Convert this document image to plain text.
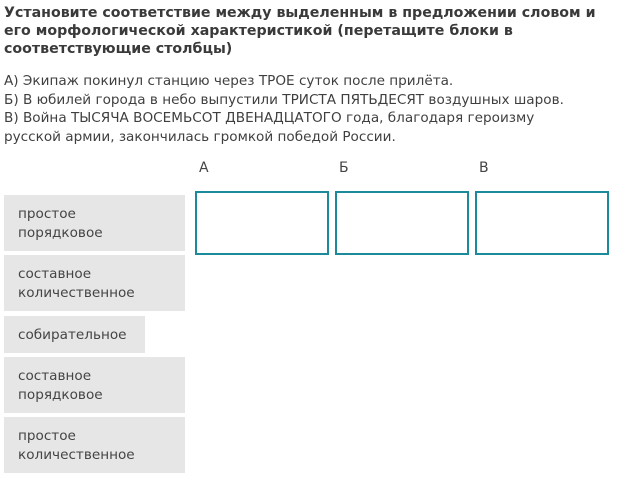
Установите соответствие между выделенным в предложении словом и его морфологической характеристикой (перетащите блоки в соответствующие столбцы)
А) Экипаж покинул станцию через ТРОЕ суток после прилёта.
Б) В юбилей города в небо выпустили ТРИСТА ПЯТЬДЕСЯТ воздушных шаров.
В) Война ТЫСЯЧА ВОСЕМЬСОТ ДВЕНАДЦАТОГО года, благодаря героизму
русской армии, закончилась громкой победой России.
А	Б	В
простое
порядковое
составное
количественное
собирательное
составное
порядковое
простое
количественное
